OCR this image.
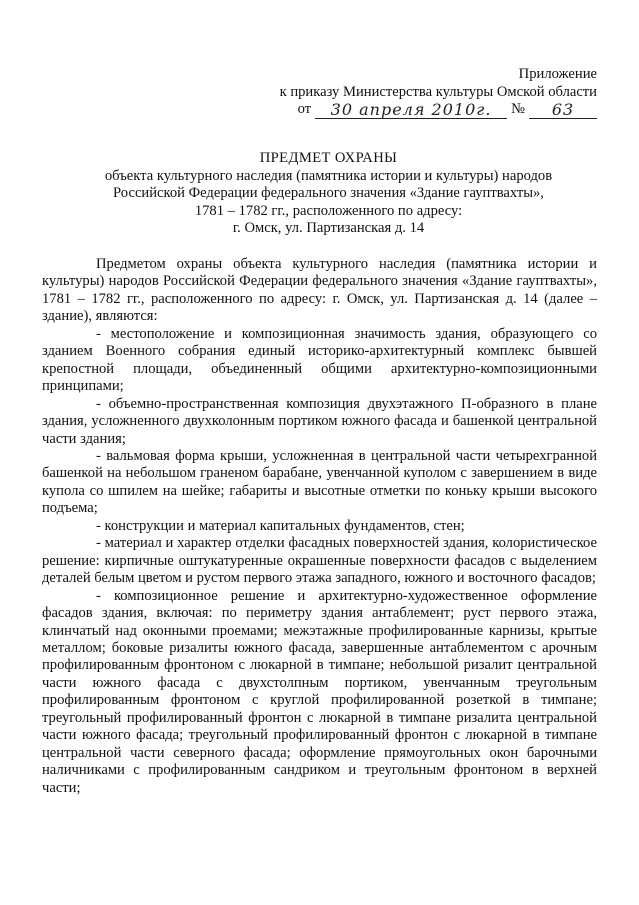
Приложение
к приказу Министерства культуры Омской области
от	30 апреля 2010г.	№	63
ПРЕДМЕТ ОХРАНЫ
объекта культурного наследия (памятника истории и культуры) народов
Российской Федерации федерального значения «Здание гауптвахты»,
1781 – 1782 гг., расположенного по адресу:
г. Омск, ул. Партизанская д. 14

Предметом охраны объекта культурного наследия (памятника истории и культуры) народов Российской Федерации федерального значения «Здание гауптвахты», 1781 – 1782 гг., расположенного по адресу: г. Омск, ул. Партизанская д. 14 (далее – здание), являются:

- местоположение и композиционная значимость здания, образующего со зданием Военного собрания единый историко-архитектурный комплекс бывшей крепостной площади, объединенный общими архитектурно-композиционными принципами;

- объемно-пространственная композиция двухэтажного П-образного в плане здания, усложненного двухколонным портиком южного фасада и башенкой центральной части здания;

- вальмовая форма крыши, усложненная в центральной части четырехгранной башенкой на небольшом граненом барабане, увенчанной куполом с завершением в виде купола со шпилем на шейке; габариты и высотные отметки по коньку крыши высокого подъема;

- конструкции и материал капитальных фундаментов, стен;

- материал и характер отделки фасадных поверхностей здания, колористическое решение: кирпичные оштукатуренные окрашенные поверхности фасадов с выделением деталей белым цветом и рустом первого этажа западного, южного и восточного фасадов;

- композиционное решение и архитектурно-художественное оформление фасадов здания, включая: по периметру здания антаблемент; руст первого этажа, клинчатый над оконными проемами; межэтажные профилированные карнизы, крытые металлом; боковые ризалиты южного фасада, завершенные антаблементом с арочным профилированным фронтоном с люкарной в тимпане; небольшой ризалит центральной части южного фасада с двухстолпным портиком, увенчанным треугольным профилированным фронтоном с круглой профилированной розеткой в тимпане; треугольный профилированный фронтон с люкарной в тимпане ризалита центральной части южного фасада; треугольный профилированный фронтон с люкарной в тимпане центральной части северного фасада; оформление прямоугольных окон барочными наличниками с профилированным сандриком и треугольным фронтоном в верхней части;
